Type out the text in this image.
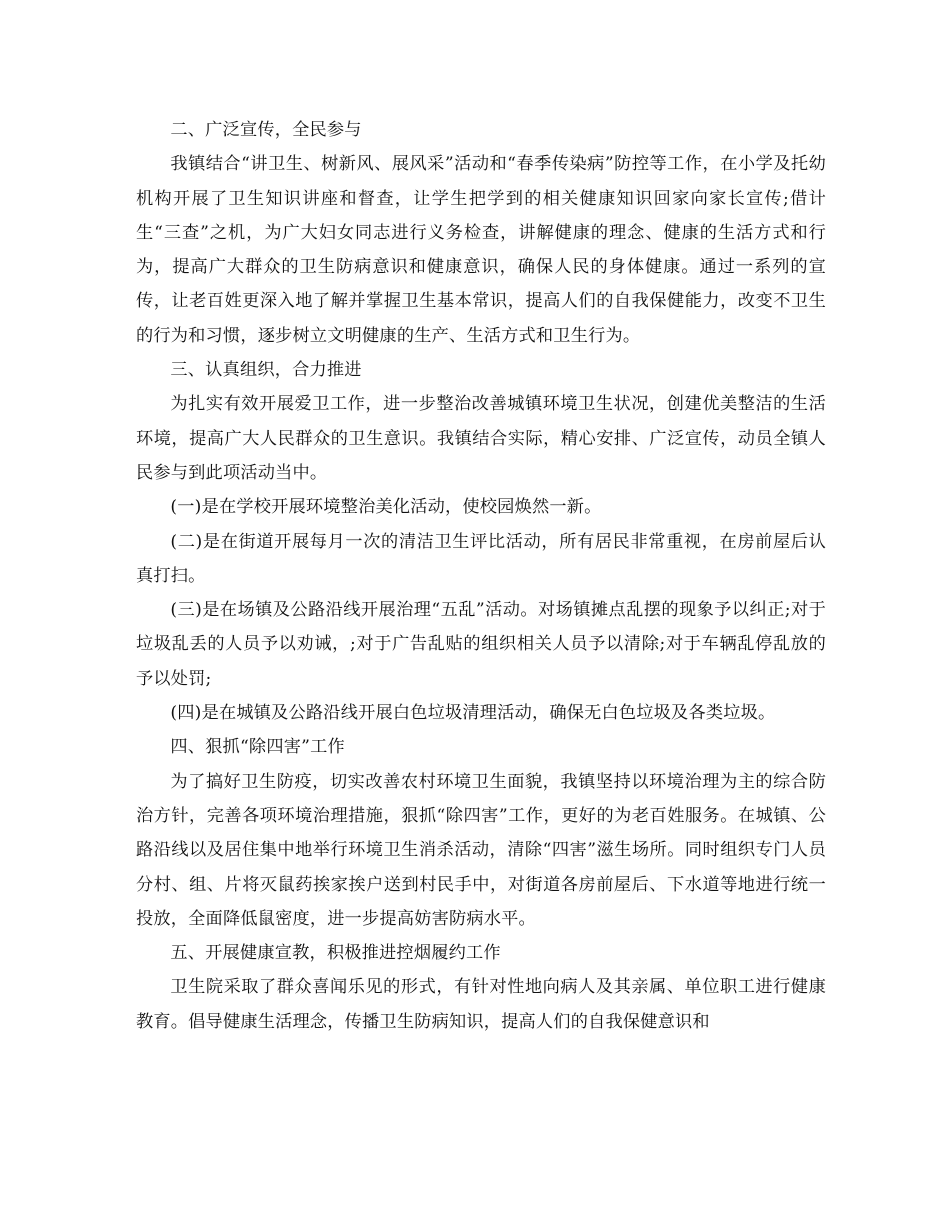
二、广泛宣传，全民参与

我镇结合“讲卫生、树新风、展风采”活动和“春季传染病”防控等工作，在小学及托幼机构开展了卫生知识讲座和督查，让学生把学到的相关健康知识回家向家长宣传;借计生“三查”之机，为广大妇女同志进行义务检查，讲解健康的理念、健康的生活方式和行为，提高广大群众的卫生防病意识和健康意识，确保人民的身体健康。通过一系列的宣传，让老百姓更深入地了解并掌握卫生基本常识，提高人们的自我保健能力，改变不卫生的行为和习惯，逐步树立文明健康的生产、生活方式和卫生行为。

三、认真组织，合力推进

为扎实有效开展爱卫工作，进一步整治改善城镇环境卫生状况，创建优美整洁的生活环境，提高广大人民群众的卫生意识。我镇结合实际，精心安排、广泛宣传，动员全镇人民参与到此项活动当中。

(一)是在学校开展环境整治美化活动，使校园焕然一新。

(二)是在街道开展每月一次的清洁卫生评比活动，所有居民非常重视，在房前屋后认真打扫。

(三)是在场镇及公路沿线开展治理“五乱”活动。对场镇摊点乱摆的现象予以纠正;对于垃圾乱丢的人员予以劝诫，;对于广告乱贴的组织相关人员予以清除;对于车辆乱停乱放的予以处罚;

(四)是在城镇及公路沿线开展白色垃圾清理活动，确保无白色垃圾及各类垃圾。

四、狠抓“除四害”工作

为了搞好卫生防疫，切实改善农村环境卫生面貌，我镇坚持以环境治理为主的综合防治方针，完善各项环境治理措施，狠抓“除四害”工作，更好的为老百姓服务。在城镇、公路沿线以及居住集中地举行环境卫生消杀活动，清除“四害”滋生场所。同时组织专门人员分村、组、片将灭鼠药挨家挨户送到村民手中，对街道各房前屋后、下水道等地进行统一投放，全面降低鼠密度，进一步提高妨害防病水平。

五、开展健康宣教，积极推进控烟履约工作

卫生院采取了群众喜闻乐见的形式，有针对性地向病人及其亲属、单位职工进行健康教育。倡导健康生活理念，传播卫生防病知识，提高人们的自我保健意识和
